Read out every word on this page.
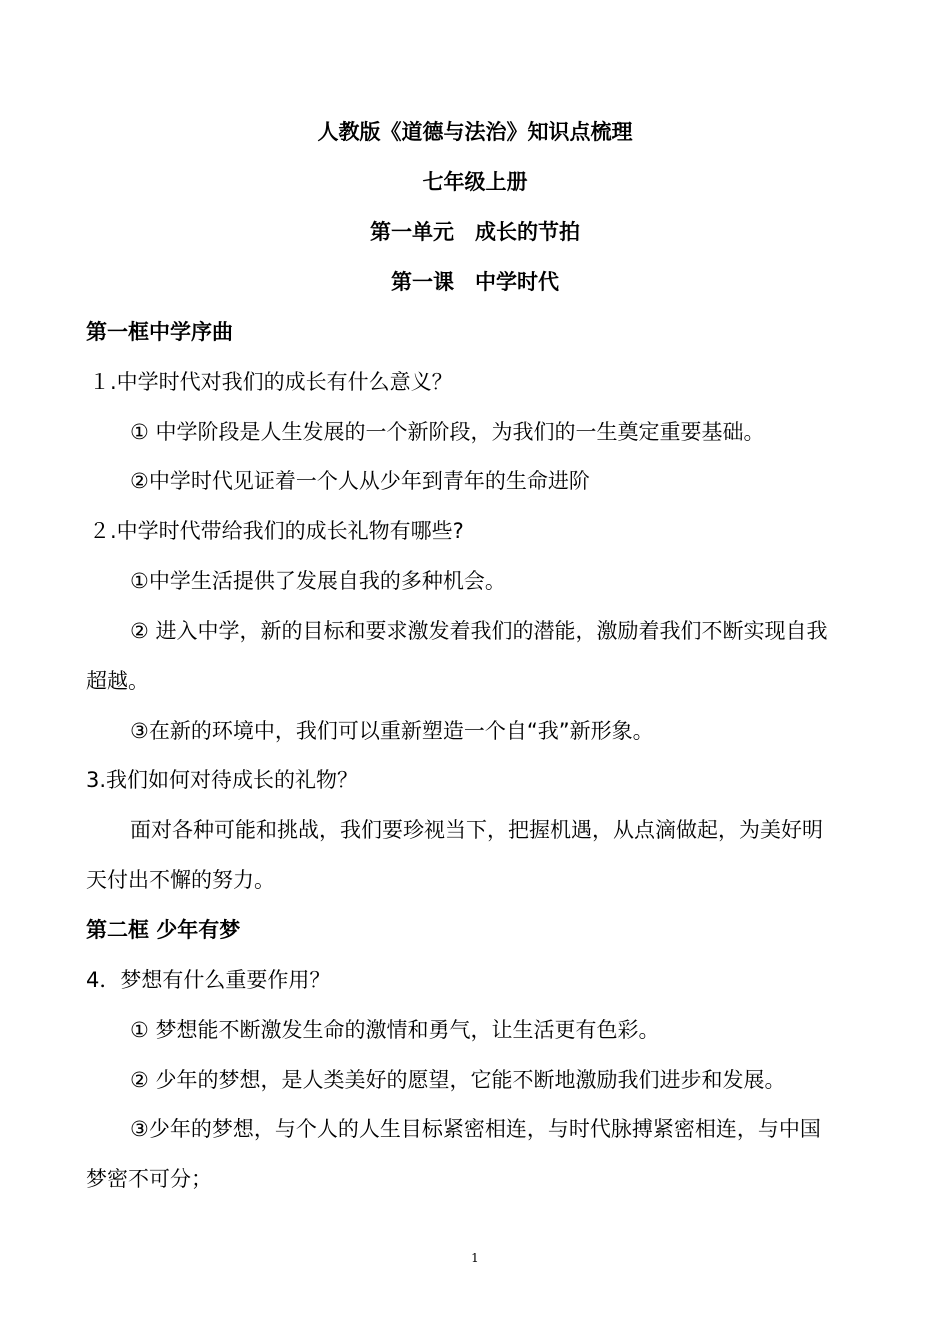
人教版《道德与法治》知识点梳理
七年级上册
第一单元　成长的节拍
第一课　中学时代
第一框中学序曲
１.中学时代对我们的成长有什么意义？
① 中学阶段是人生发展的一个新阶段，为我们的一生奠定重要基础。
②中学时代见证着一个人从少年到青年的生命进阶
２.中学时代带给我们的成长礼物有哪些?
①中学生活提供了发展自我的多种机会。
② 进入中学，新的目标和要求激发着我们的潜能，激励着我们不断实现自我
超越。
③在新的环境中，我们可以重新塑造一个自“我”新形象。
3.我们如何对待成长的礼物？
面对各种可能和挑战，我们要珍视当下，把握机遇，从点滴做起，为美好明
天付出不懈的努力。
第二框 少年有梦
4．梦想有什么重要作用？
① 梦想能不断激发生命的激情和勇气，让生活更有色彩。
② 少年的梦想，是人类美好的愿望，它能不断地激励我们进步和发展。
③少年的梦想，与个人的人生目标紧密相连，与时代脉搏紧密相连，与中国
梦密不可分；
1
